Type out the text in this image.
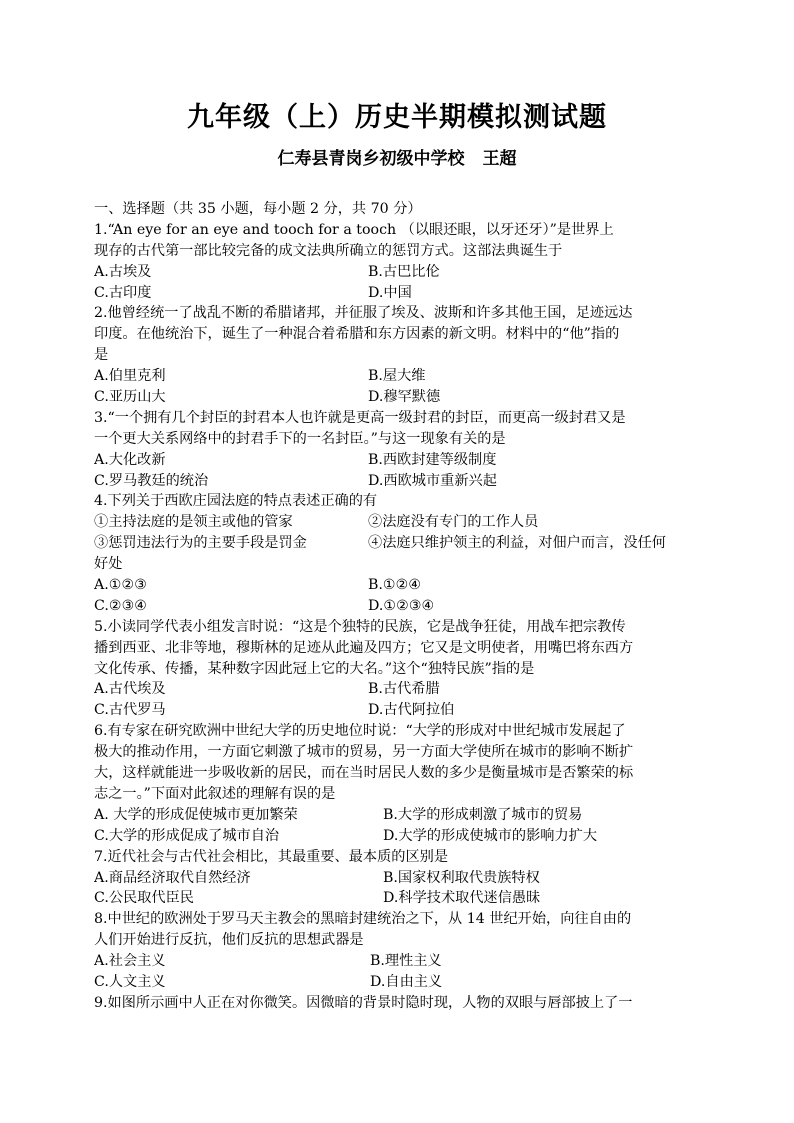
九年级（上）历史半期模拟测试题
仁寿县青岗乡初级中学校 王超
一、选择题（共 35 小题，每小题 2 分，共 70 分）
1.“An eye for an eye and tooch for a tooch （以眼还眼，以牙还牙）”是世界上
现存的古代第一部比较完备的成文法典所确立的惩罚方式。这部法典诞生于
A.古埃及	B.古巴比伦
C.古印度	D.中国
2.他曾经统一了战乱不断的希腊诸邦，并征服了埃及、波斯和许多其他王国，足迹远达
印度。在他统治下，诞生了一种混合着希腊和东方因素的新文明。材料中的“他”指的
是
A.伯里克利	B.屋大维
C.亚历山大	D.穆罕默德
3.“一个拥有几个封臣的封君本人也许就是更高一级封君的封臣，而更高一级封君又是
一个更大关系网络中的封君手下的一名封臣。”与这一现象有关的是
A.大化改新	B.西欧封建等级制度
C.罗马教廷的统治	D.西欧城市重新兴起
4.下列关于西欧庄园法庭的特点表述正确的有
①主持法庭的是领主或他的管家	②法庭没有专门的工作人员
③惩罚违法行为的主要手段是罚金	④法庭只维护领主的利益，对佃户而言，没任何
好处
A.①②③	B.①②④
C.②③④	D.①②③④
5.小读同学代表小组发言时说：“这是个独特的民族，它是战争狂徒，用战车把宗教传
播到西亚、北非等地，穆斯林的足迹从此遍及四方；它又是文明使者，用嘴巴将东西方
文化传承、传播，某种数字因此冠上它的大名。”这个“独特民族”指的是
A.古代埃及	B.古代希腊
C.古代罗马	D.古代阿拉伯
6.有专家在研究欧洲中世纪大学的历史地位时说：“大学的形成对中世纪城市发展起了
极大的推动作用，一方面它刺激了城市的贸易，另一方面大学使所在城市的影响不断扩
大，这样就能进一步吸收新的居民，而在当时居民人数的多少是衡量城市是否繁荣的标
志之一。”下面对此叙述的理解有误的是
A. 大学的形成促使城市更加繁荣	B.大学的形成刺激了城市的贸易
C.大学的形成促成了城市自治	D.大学的形成使城市的影响力扩大
7.近代社会与古代社会相比，其最重要、最本质的区别是
A.商品经济取代自然经济	B.国家权利取代贵族特权
C.公民取代臣民	D.科学技术取代迷信愚昧
8.中世纪的欧洲处于罗马天主教会的黑暗封建统治之下，从 14 世纪开始，向往自由的
人们开始进行反抗，他们反抗的思想武器是
A.社会主义	B.理性主义
C.人文主义	D.自由主义
9.如图所示画中人正在对你微笑。因微暗的背景时隐时现，人物的双眼与唇部披上了一
